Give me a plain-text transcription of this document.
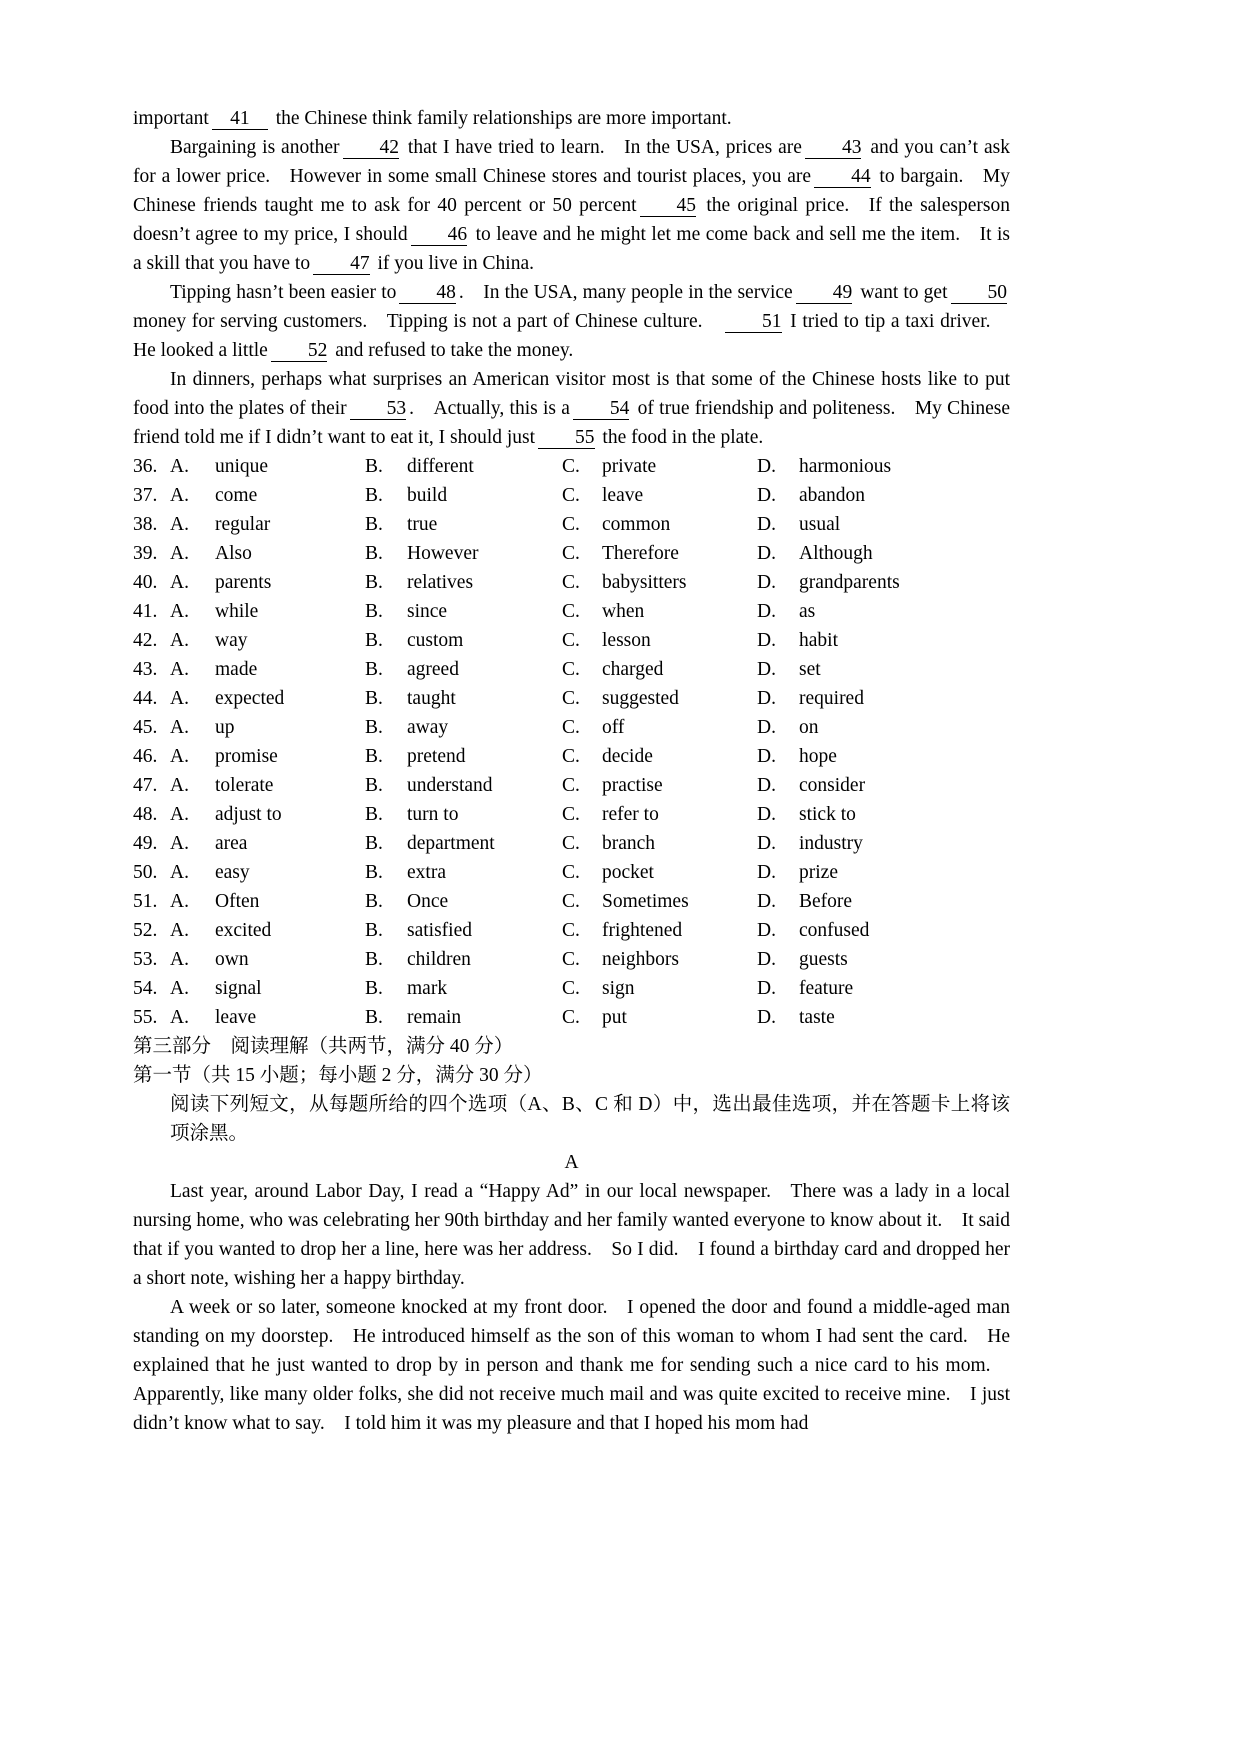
important 41 the Chinese think family relationships are more important.

Bargaining is another 42 that I have tried to learn. In the USA, prices are 43 and you can’t ask for a lower price. However in some small Chinese stores and tourist places, you are 44 to bargain. My Chinese friends taught me to ask for 40 percent or 50 percent 45 the original price. If the salesperson doesn’t agree to my price, I should 46 to leave and he might let me come back and sell me the item. It is a skill that you have to 47 if you live in China.

Tipping hasn’t been easier to 48 . In the USA, many people in the service 49 want to get 50 money for serving customers. Tipping is not a part of Chinese culture. 51 I tried to tip a taxi driver. He looked a little 52 and refused to take the money.

In dinners, perhaps what surprises an American visitor most is that some of the Chinese hosts like to put food into the plates of their 53 . Actually, this is a 54 of true friendship and politeness. My Chinese friend told me if I didn’t want to eat it, I should just 55 the food in the plate.

36. A.	unique	B.	different	C.	private	D.	harmonious
37. A.	come	B.	build	C.	leave	D.	abandon
38. A.	regular	B.	true	C.	common	D.	usual
39. A.	Also	B.	However	C.	Therefore	D.	Although
40. A.	parents	B.	relatives	C.	babysitters	D.	grandparents
41. A.	while	B.	since	C.	when	D.	as
42. A.	way	B.	custom	C.	lesson	D.	habit
43. A.	made	B.	agreed	C.	charged	D.	set
44. A.	expected	B.	taught	C.	suggested	D.	required
45. A.	up	B.	away	C.	off	D.	on
46. A.	promise	B.	pretend	C.	decide	D.	hope
47. A.	tolerate	B.	understand	C.	practise	D.	consider
48. A.	adjust to	B.	turn to	C.	refer to	D.	stick to
49. A.	area	B.	department	C.	branch	D.	industry
50. A.	easy	B.	extra	C.	pocket	D.	prize
51. A.	Often	B.	Once	C.	Sometimes	D.	Before
52. A.	excited	B.	satisfied	C.	frightened	D.	confused
53. A.	own	B.	children	C.	neighbors	D.	guests
54. A.	signal	B.	mark	C.	sign	D.	feature
55. A.	leave	B.	remain	C.	put	D.	taste

第三部分　阅读理解（共两节，满分 40 分）

第一节（共 15 小题；每小题 2 分，满分 30 分）

阅读下列短文，从每题所给的四个选项（A、B、C 和 D）中，选出最佳选项，并在答题卡上将该项涂黑。

A

Last year, around Labor Day, I read a “Happy Ad” in our local newspaper. There was a lady in a local nursing home, who was celebrating her 90th birthday and her family wanted everyone to know about it. It said that if you wanted to drop her a line, here was her address. So I did. I found a birthday card and dropped her a short note, wishing her a happy birthday.

A week or so later, someone knocked at my front door. I opened the door and found a middle-aged man standing on my doorstep. He introduced himself as the son of this woman to whom I had sent the card. He explained that he just wanted to drop by in person and thank me for sending such a nice card to his mom. Apparently, like many older folks, she did not receive much mail and was quite excited to receive mine. I just didn’t know what to say. I told him it was my pleasure and that I hoped his mom had
